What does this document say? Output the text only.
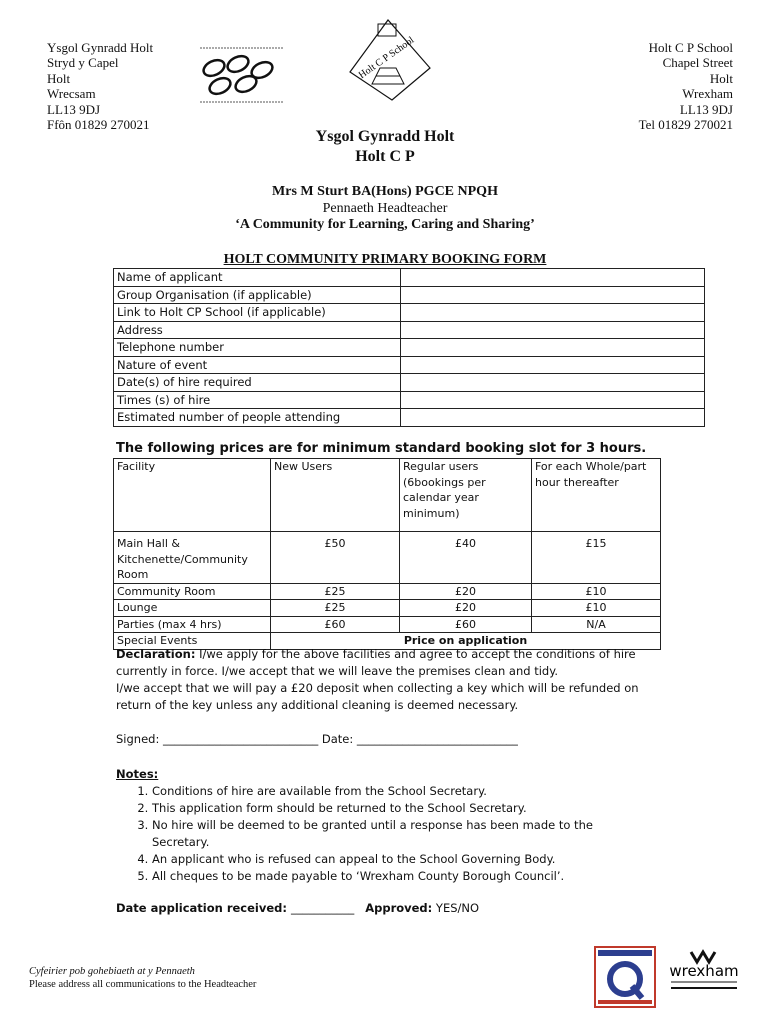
Ysgol Gynradd Holt
Stryd y Capel
Holt
Wrecsam
LL13 9DJ
Ffôn 01829 270021
Holt C P School	Holt C P School
Chapel Street
Holt
Wrexham
LL13 9DJ
Tel 01829 270021
Ysgol Gynradd Holt
Holt C P
Mrs M Sturt BA(Hons) PGCE NPQH
Pennaeth Headteacher
‘A Community for Learning, Caring and Sharing’
HOLT COMMUNITY PRIMARY BOOKING FORM
Name of applicant	
Group Organisation (if applicable)	
Link to Holt CP School (if applicable)	
Address	
Telephone number	
Nature of event	
Date(s) of hire required	
Times (s) of hire	
Estimated number of people attending	
The following prices are for minimum standard booking slot for 3 hours.
Facility	New Users	Regular users (6bookings per calendar year minimum)	For each Whole/part hour thereafter
Main Hall & Kitchenette/Community Room	£50	£40	£15
Community Room	£25	£20	£10
Lounge	£25	£20	£10
Parties (max 4 hrs)	£60	£60	N/A
Special Events	Price on application		
Declaration: I/we apply for the above facilities and agree to accept the conditions of hire currently in force. I/we accept that we will leave the premises clean and tidy.
I/we accept that we will pay a £20 deposit when collecting a key which will be refunded on return of the key unless any additional cleaning is deemed necessary.
Signed: ___________________________ Date: ____________________________
Notes:
1. Conditions of hire are available from the School Secretary.
2. This application form should be returned to the School Secretary.
3. No hire will be deemed to be granted until a response has been made to the Secretary.
4. An applicant who is refused can appeal to the School Governing Body.
5. All cheques to be made payable to ‘Wrexham County Borough Council’.
Date application received: ___________ Approved: YES/NO
Cyfeirier pob gohebiaeth at y Pennaeth
Please address all communications to the Headteacher
wrexham
